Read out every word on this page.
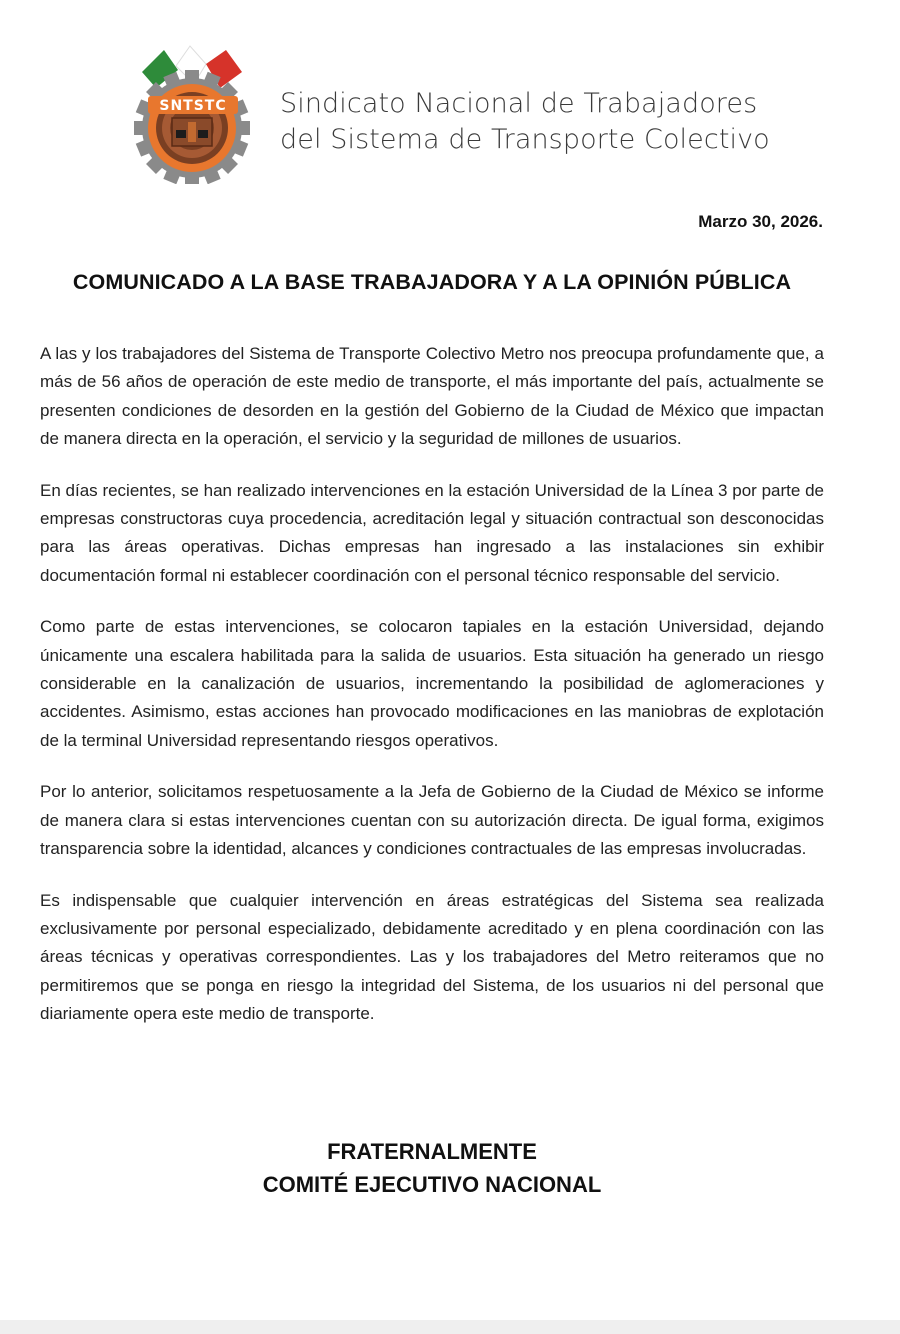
SNTSTC Sindicato Nacional de Trabajadores
del Sistema de Transporte Colectivo
Marzo 30, 2026.
COMUNICADO A LA BASE TRABAJADORA Y A LA OPINIÓN PÚBLICA

A las y los trabajadores del Sistema de Transporte Colectivo Metro nos preocupa profundamente que, a más de 56 años de operación de este medio de transporte, el más importante del país, actualmente se presenten condiciones de desorden en la gestión del Gobierno de la Ciudad de México que impactan de manera directa en la operación, el servicio y la seguridad de millones de usuarios.

En días recientes, se han realizado intervenciones en la estación Universidad de la Línea 3 por parte de empresas constructoras cuya procedencia, acreditación legal y situación contractual son desconocidas para las áreas operativas. Dichas empresas han ingresado a las instalaciones sin exhibir documentación formal ni establecer coordinación con el personal técnico responsable del servicio.

Como parte de estas intervenciones, se colocaron tapiales en la estación Universidad, dejando únicamente una escalera habilitada para la salida de usuarios. Esta situación ha generado un riesgo considerable en la canalización de usuarios, incrementando la posibilidad de aglomeraciones y accidentes. Asimismo, estas acciones han provocado modificaciones en las maniobras de explotación de la terminal Universidad representando riesgos operativos.

Por lo anterior, solicitamos respetuosamente a la Jefa de Gobierno de la Ciudad de México se informe de manera clara si estas intervenciones cuentan con su autorización directa. De igual forma, exigimos transparencia sobre la identidad, alcances y condiciones contractuales de las empresas involucradas.

Es indispensable que cualquier intervención en áreas estratégicas del Sistema sea realizada exclusivamente por personal especializado, debidamente acreditado y en plena coordinación con las áreas técnicas y operativas correspondientes. Las y los trabajadores del Metro reiteramos que no permitiremos que se ponga en riesgo la integridad del Sistema, de los usuarios ni del personal que diariamente opera este medio de transporte.

FRATERNALMENTE
COMITÉ EJECUTIVO NACIONAL
